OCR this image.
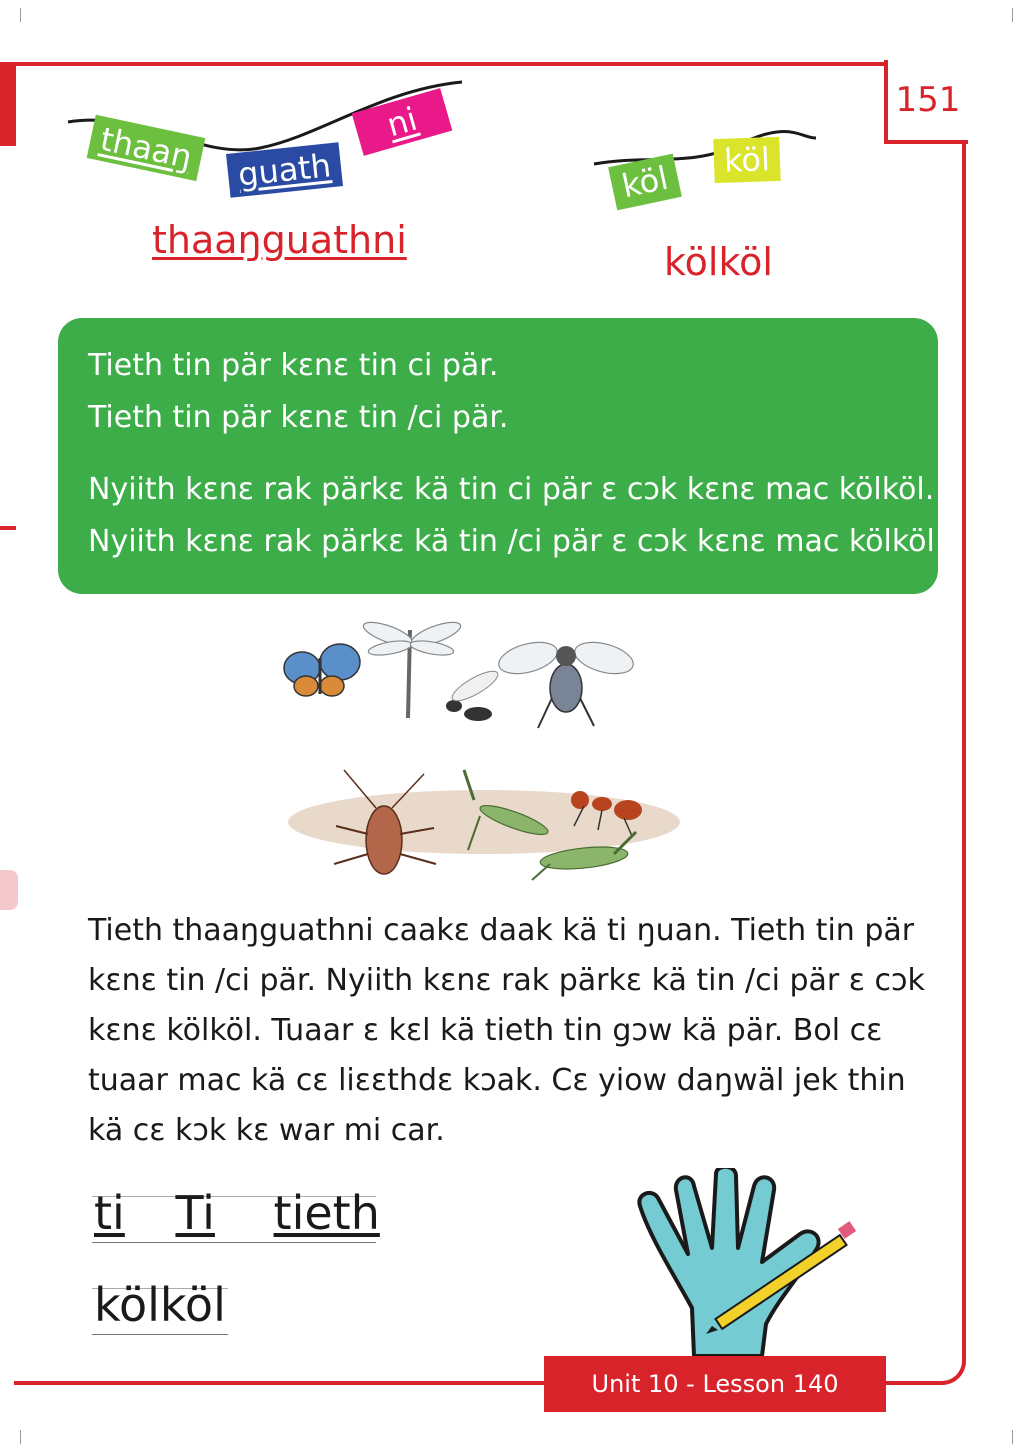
151
thaaŋ	guath
ni
thaaŋguathni
köl	köl
kölköl
Tieth tin pär kɛnɛ tin ci pär.
Tieth tin pär kɛnɛ tin /ci pär.
Nyiith kɛnɛ rak pärkɛ kä tin ci pär ɛ cɔk kɛnɛ mac kölköl.
Nyiith kɛnɛ rak pärkɛ kä tin /ci pär ɛ cɔk kɛnɛ mac kölköl.
Tieth thaaŋguathni caakɛ daak kä ti ŋuan. Tieth tin pär
kɛnɛ tin /ci pär. Nyiith kɛnɛ rak pärkɛ kä tin /ci pär ɛ cɔk
kɛnɛ kölköl. Tuaar ɛ kɛl kä tieth tin gɔw kä pär. Bol cɛ
tuaar mac kä cɛ liɛɛthdɛ kɔak. Cɛ yiow daŋwäl jek thin
kä cɛ kɔk kɛ war mi car.
ti Ti tieth
kölköl
Unit 10 - Lesson 140
